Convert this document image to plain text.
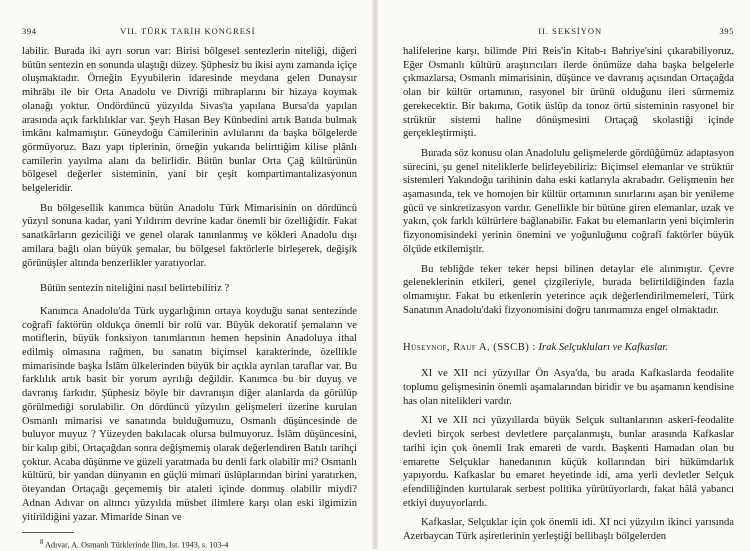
394	VII. TÜRK TARİH KONGRESİ

labilir. Burada iki ayrı sorun var: Birisi bölgesel sentezlerin niteliği, diğeri bütün sentezin en sonunda ulaştığı düzey. Şüphesiz bu ikisi aynı zamanda içiçe oluşmaktadır. Örneğin Eyyubilerin idaresinde meydana gelen Dunaysır mihrâbı ile bir Orta Anadolu ve Divriği mihraplarını bir hizaya koymak olanağı yoktur. Ondördüncü yüzyılda Sivas'ta yapılana Bursa'da yapılan arasında açık farklılıklar var. Şeyh Hasan Bey Künbedini artık Batıda bulmak imkânı kalmamıştır. Güneydoğu Camilerinin avlularını da başka bölgelerde görmüyoruz. Bazı yapı tiplerinin, örneğin yukarıda belirttiğim kilise plânlı camilerin yayılma alanı da belirlidir. Bütün bunlar Orta Çağ kültürünün bölgesel değerler sisteminin, yani bir çeşit kompartimantalizasyonun belgeleridir.

Bu bölgesellik kanımca bütün Anadolu Türk Mimarisinin on dördüncü yüzyıl sonuna kadar, yani Yıldırım devrine kadar önemli bir özelliğidir. Fakat sanatkârların geziciliği ve genel olarak tanınlanmış ve kökleri Anadolu dışı amilara bağlı olan büyük şemalar, bu bölgesel faktörlerle birleşerek, değişik görünüşler altında benzerlikler yaratıyorlar.

Bütün sentezin niteliğini nasıl belirtebiliriz ?

Kanımca Anadolu'da Türk uygarlığının ortaya koyduğu sanat sentezinde coğrafî faktörün oldukça önemli bir rolü var. Büyük dekoratif şemaların ve motiflerin, büyük fonksiyon tanımlarının hemen hepsinin Anadoluya ithal edilmiş olmasına rağmen, bu sanatın biçimsel karakterinde, özellikle mimarisinde başka İslâm ülkelerinden büyük bir açıkla ayrılan taraflar var. Bu farklılık artık basit bir yorum ayrılığı değildir. Kanımca bu bir duyuş ve davranış farkıdır. Şüphesiz böyle bir davranışın diğer alanlarda da görülüp görülmediği sorulabilir. On dördüncü yüzyılın gelişmeleri üzerine kurulan Osmanlı mimarisi ve sanatında bulduğumuzu, Osmanlı düşüncesinde de buluyor muyuz ? Yüzeyden bakılacak olursa bulmuyoruz. İslâm düşüncesini, bir kalıp gibi, Ortaçağdan sonra değişmemiş olarak değerlendiren Batılı tarihçi çoktur. Acaba düşünme ve güzeli yaratmada bu denli fark olabilir mi? Osmanlı kültürü, bir yandan dünyanın en güçlü mimari üslûplarından birini yaratırken, öteyandan Ortaçağı geçememiş bir ataleti içinde donmuş olabilir miydi? Adnan Adıvar on altıncı yüzyılda müsbet ilimlere karşı olan eski ilgimizin yitirildiğini yazar. Mimaride Sinan ve

$^8$ Adıvar, A. Osmanlı Türklerinde İlim, İst. 1943, s. 103-4
II. SEKSİYON	395

halifelerine karşı, bilimde Piri Reis'in Kitab-ı Bahriye'sini çıkarabiliyoruz. Eğer Osmanlı kültürü araştırıcıları ilerde önümüze daha başka belgelerle çıkmazlarsa, Osmanlı mimarisinin, düşünce ve davranış açısından Ortaçağda olan bir kültür ortamının, rasyonel bir ürünü olduğunu ileri sürmemiz gerekecektir. Bir bakıma, Gotik üslûp da tonoz örtü sisteminin rasyonel bir strüktür sistemi haline dönüşmesini Ortaçağ skolastiği içinde gerçekleştirmişti.

Burada söz konusu olan Anadolulu gelişmelerde gördüğümüz adaptasyon sürecini, şu genel niteliklerle belirleyebiliriz: Biçimsel elemanlar ve strüktür sistemleri Yakındoğu tarihinin daha eski katlarıyla akrabadır. Gelişmenin her aşamasında, tek ve homojen bir kültür ortamının sınırlarını aşan bir yenileme gücü ve sinkretizasyon vardır. Genellikle bir bütüne giren elemanlar, uzak ve yakın, çok farklı kültürlere bağlanabilir. Fakat bu elemanların yeni biçimlerin fizyonomisindeki yerinin önemini ve yoğunluğunu coğrafî faktörler büyük ölçüde etkilemiştir.

Bu tebliğde teker teker hepsi bilinen detaylar ele alınmıştır. Çevre geleneklerinin etkileri, genel çizgileriyle, burada belirtildiğinden fazla olmamıştır. Fakat bu etkenlerin yeterince açık değerlendirilmemeleri, Türk Sanatının Anadolu'daki fizyonomisini doğru tanımamıza engel olmaktadır.

Hüseynof, Rauf A. (SSCB) : Irak Selçukluları ve Kafkaslar.

XI ve XII nci yüzyıllar Ön Asya'da, bu arada Kafkaslarda feodalite toplumu gelişmesinin önemli aşamalarından biridir ve bu aşamanın kendisine has olan nitelikleri vardır.

XI ve XII nci yüzyıllarda büyük Selçuk sultanlarının askerî-feodalite devleti birçok serbest devletlere parçalanmıştı, bunlar arasında Kafkaslar tarihi için çok önemli Irak emareti de vardı. Başkenti Hamadan olan bu emarette Selçuklar hanedanının küçük kollarından biri hükümdarlık yapıyordu. Kafkaslar bu emaret heyetinde idi, ama yerli devletler Selçuk efendiliğinden kurtularak serbest politika yürütüyorlardı, fakat hâlâ yabancı etkiyi duyuyorlardı.

Kafkaslar, Selçuklar için çok önemli idi. XI nci yüzyılın ikinci yarısında Azerbaycan Türk aşiretlerinin yerleştiği bellibaşlı bölgelerden
